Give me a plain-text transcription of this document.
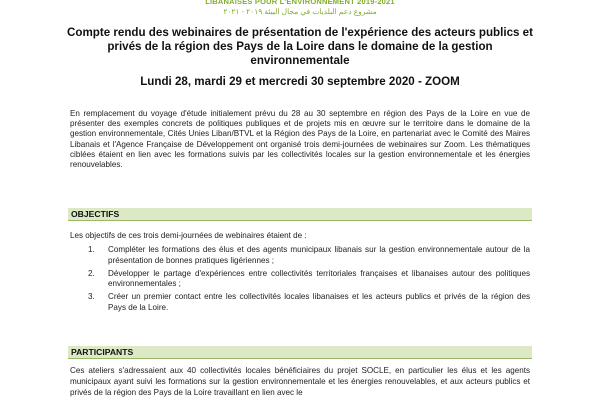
LIBANAISES POUR L'ENVIRONNEMENT 2019-2021
مشروع دعم البلديات في مجال البيئة ٢٠١٩ - ٢٠٢١
Compte rendu des webinaires de présentation de l'expérience des acteurs publics et privés de la région des Pays de la Loire dans le domaine de la gestion environnementale
Lundi 28, mardi 29 et mercredi 30 septembre 2020 - ZOOM
En remplacement du voyage d'étude initialement prévu du 28 au 30 septembre en région des Pays de la Loire en vue de présenter des exemples concrets de politiques publiques et de projets mis en œuvre sur le territoire dans le domaine de la gestion environnementale, Cités Unies Liban/BTVL et la Région des Pays de la Loire, en partenariat avec le Comité des Maires Libanais et l'Agence Française de Développement ont organisé trois demi-journées de webinaires sur Zoom. Les thématiques ciblées étaient en lien avec les formations suivis par les collectivités locales sur la gestion environnementale et les énergies renouvelables.
OBJECTIFS
Les objectifs de ces trois demi-journées de webinaires étaient de :
1. Compléter les formations des élus et des agents municipaux libanais sur la gestion environnementale autour de la présentation de bonnes pratiques ligériennes ;
2. Développer le partage d'expériences entre collectivités territoriales françaises et libanaises autour des politiques environnementales ;
3. Créer un premier contact entre les collectivités locales libanaises et les acteurs publics et privés de la région des Pays de la Loire.
PARTICIPANTS
Ces ateliers s'adressaient aux 40 collectivités locales bénéficiaires du projet SOCLE, en particulier les élus et les agents municipaux ayant suivi les formations sur la gestion environnementale et les énergies renouvelables, et aux acteurs publics et privés de la région des Pays de la Loire travaillant en lien avec le
